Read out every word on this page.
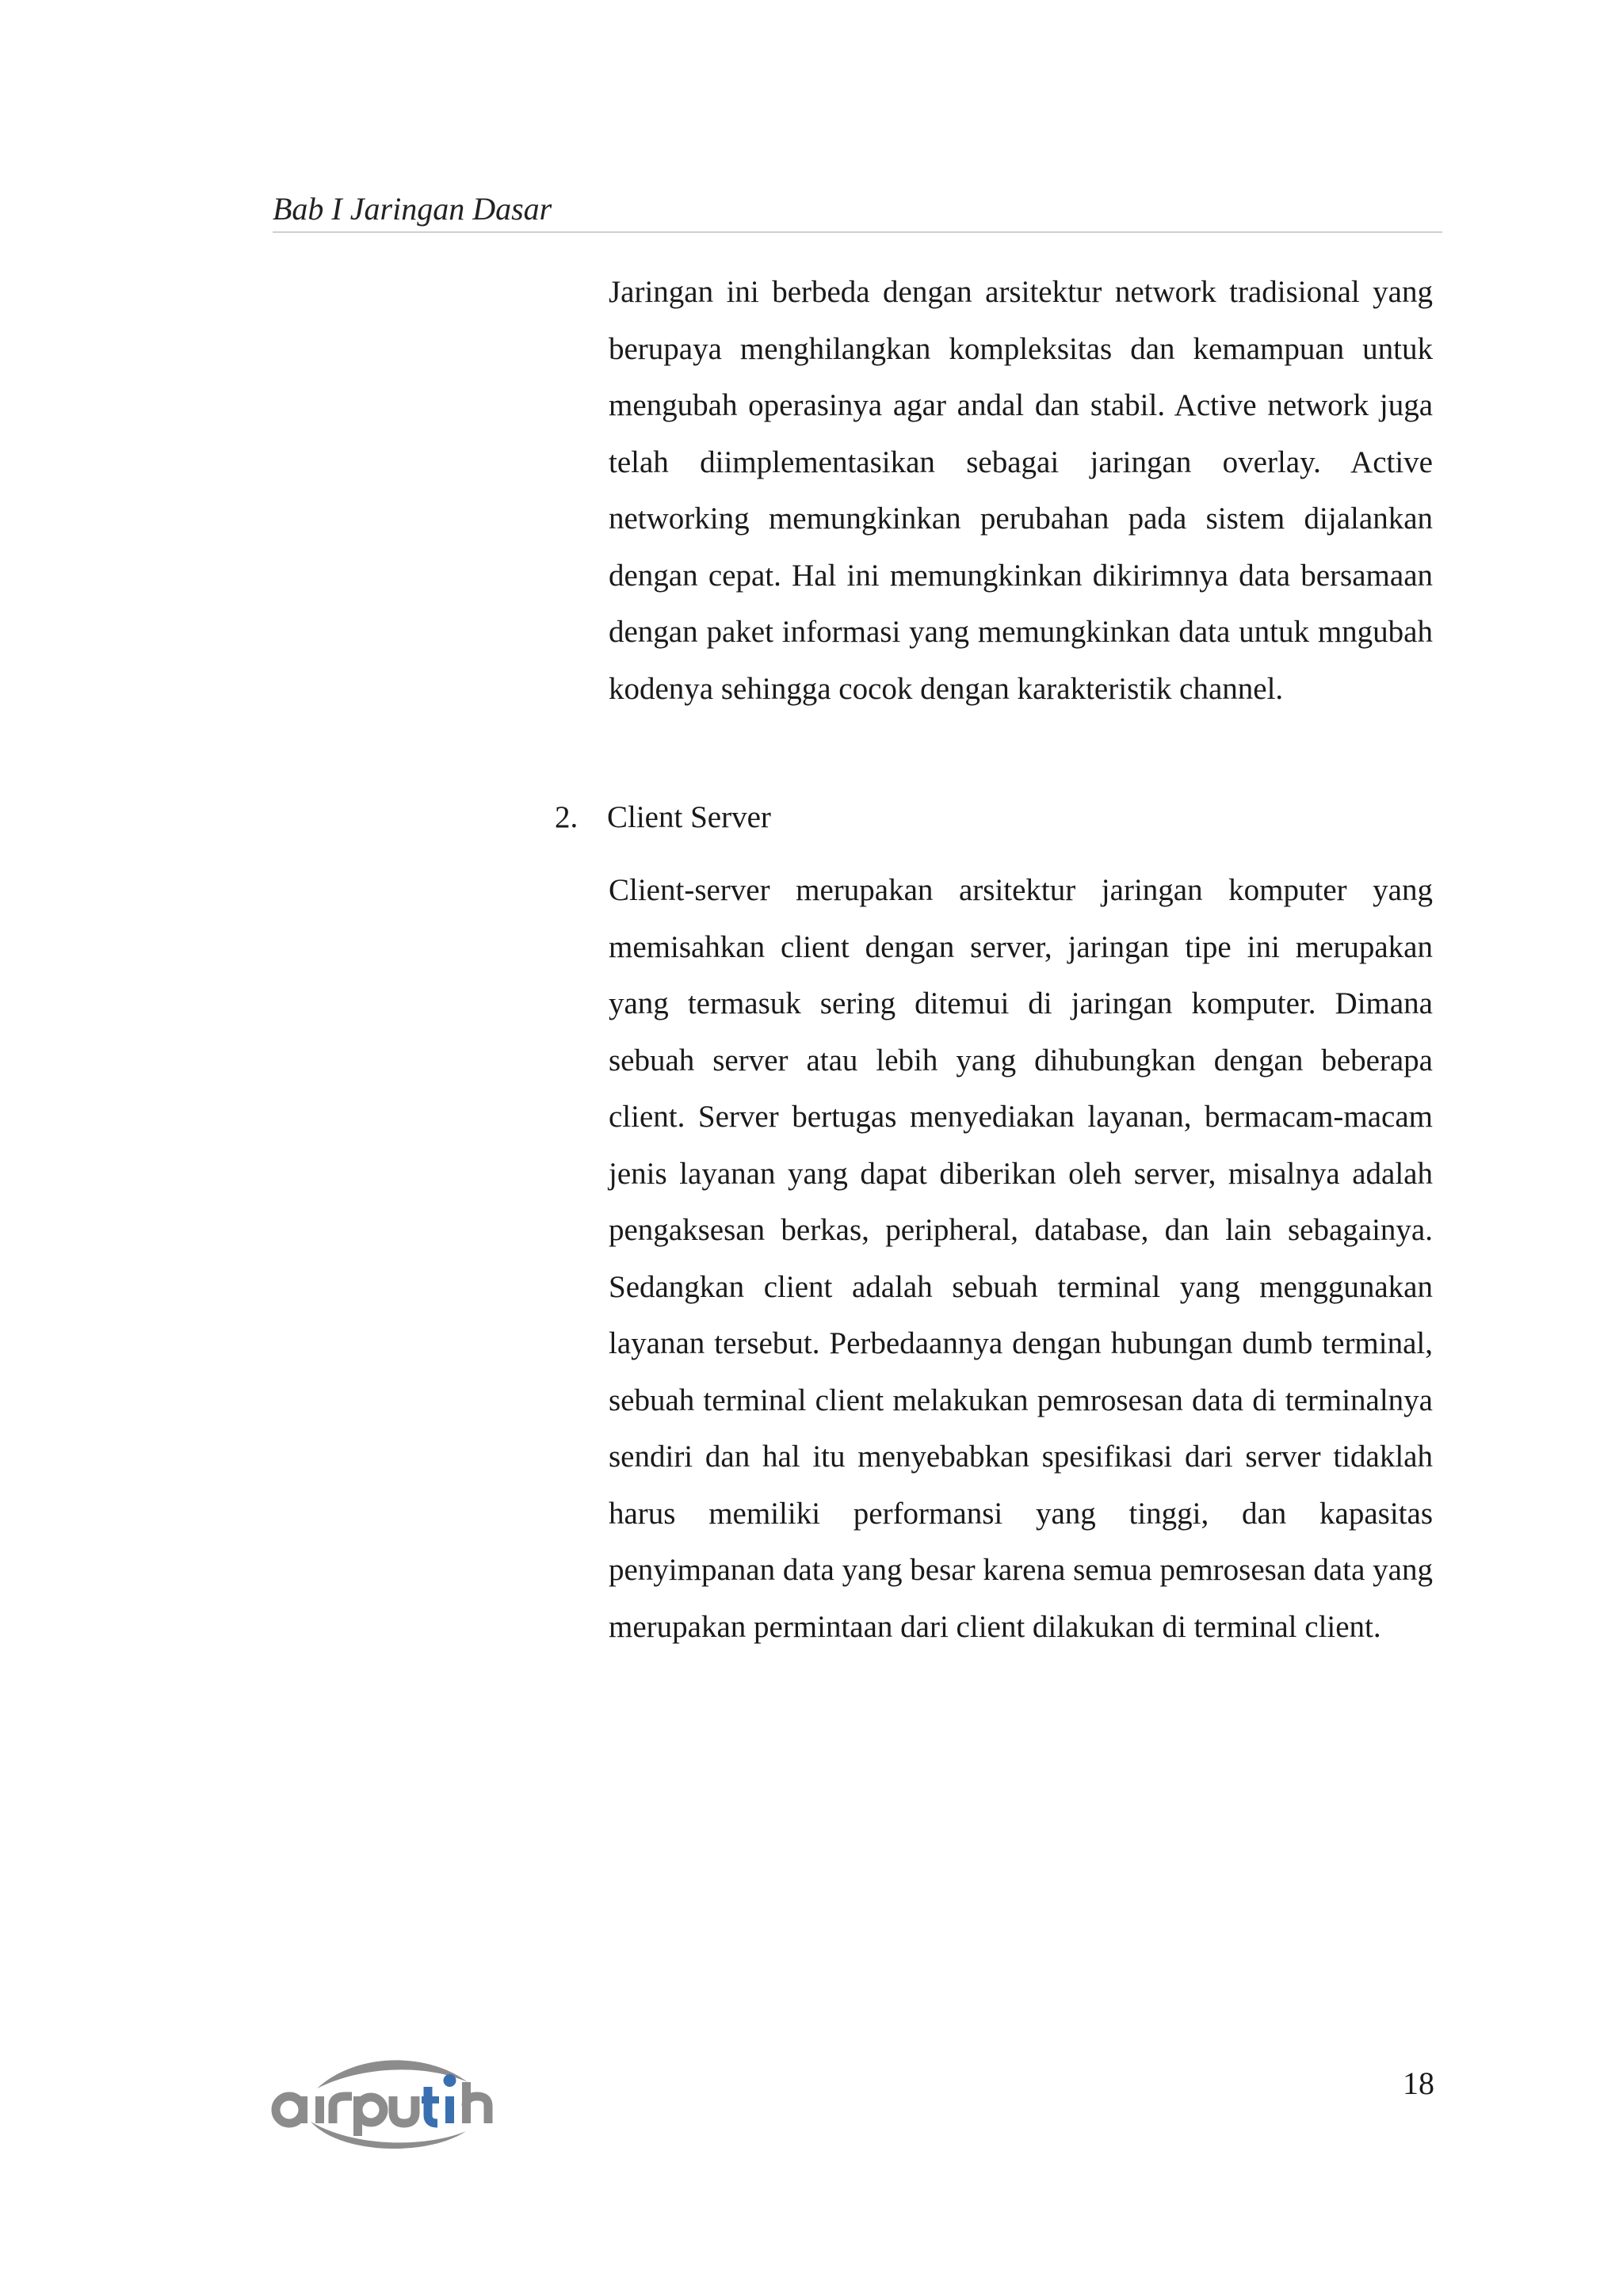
Bab I Jaringan Dasar

Jaringan ini berbeda dengan arsitektur network tradisional yang berupaya menghilangkan kompleksitas dan kemampuan untuk mengubah operasinya agar andal dan stabil. Active network juga telah diimplementasikan sebagai jaringan overlay. Active networking memungkinkan perubahan pada sistem dijalankan dengan cepat. Hal ini memungkinkan dikirimnya data bersamaan dengan paket informasi yang memungkinkan data untuk mngubah kodenya sehingga cocok dengan karakteristik channel.

2. Client Server

Client-server merupakan arsitektur jaringan komputer yang memisahkan client dengan server, jaringan tipe ini merupakan yang termasuk sering ditemui di jaringan komputer. Dimana sebuah server atau lebih yang dihubungkan dengan beberapa client. Server bertugas menyediakan layanan, bermacam-macam jenis layanan yang dapat diberikan oleh server, misalnya adalah pengaksesan berkas, peripheral, database, dan lain sebagainya. Sedangkan client adalah sebuah terminal yang menggunakan layanan tersebut. Perbedaannya dengan hubungan dumb terminal, sebuah terminal client melakukan pemrosesan data di terminalnya sendiri dan hal itu menyebabkan spesifikasi dari server tidaklah harus memiliki performansi yang tinggi, dan kapasitas penyimpanan data yang besar karena semua pemrosesan data yang merupakan permintaan dari client dilakukan di terminal client.

18
